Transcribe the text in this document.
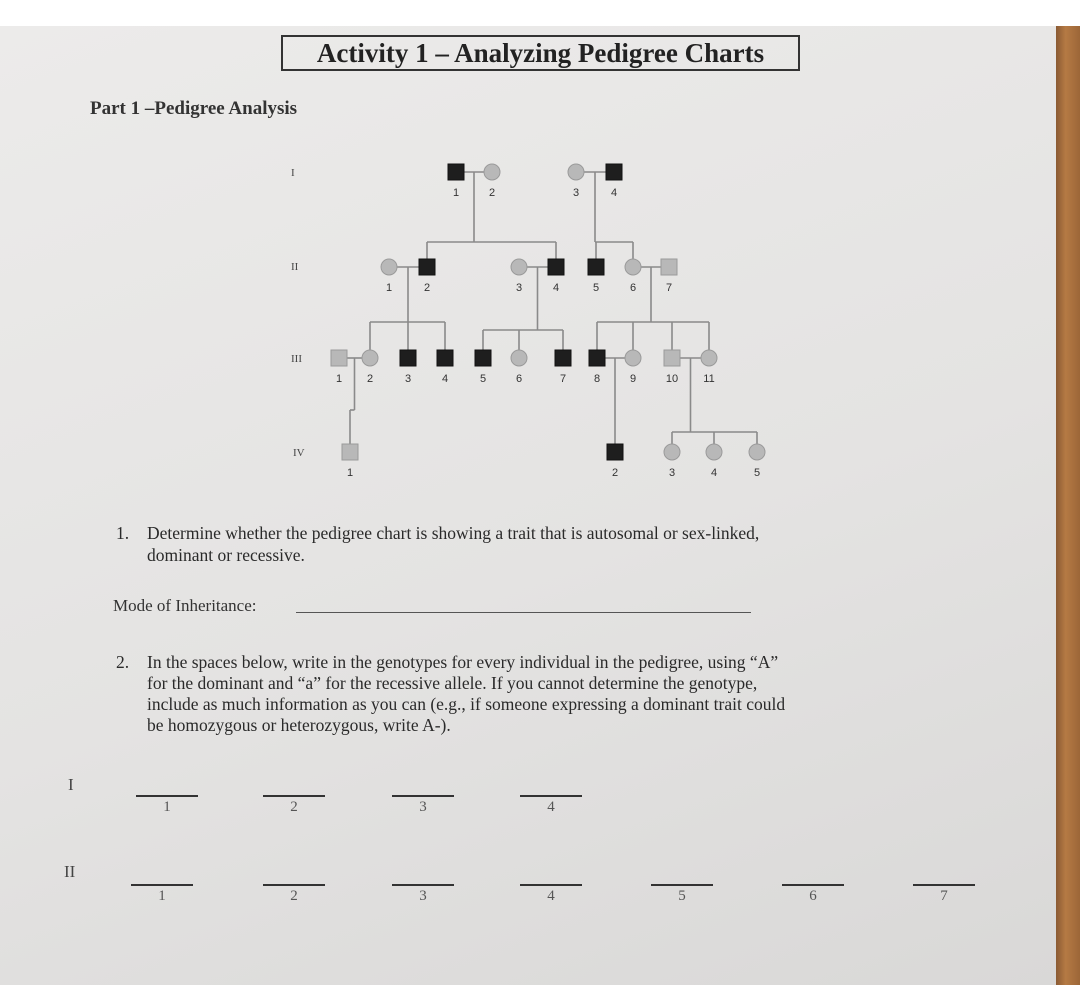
Activity 1 – Analyzing Pedigree Charts
Part 1 –Pedigree Analysis
1	2	3	4
1	2	3	4	5	6	7
1 2	3	4	5	6	7	8	9	10 11
1	2	3	4	5
I
II
III
IV
1. Determine whether the pedigree chart is showing a trait that is autosomal or sex-linked,
dominant or recessive.
Mode of Inheritance:
2. In the spaces below, write in the genotypes for every individual in the pedigree, using “A”
for the dominant and “a” for the recessive allele. If you cannot determine the genotype,
include as much information as you can (e.g., if someone expressing a dominant trait could
be homozygous or heterozygous, write A-).
I
1	2	3	4
II
1	2	3	4	5	6	7
